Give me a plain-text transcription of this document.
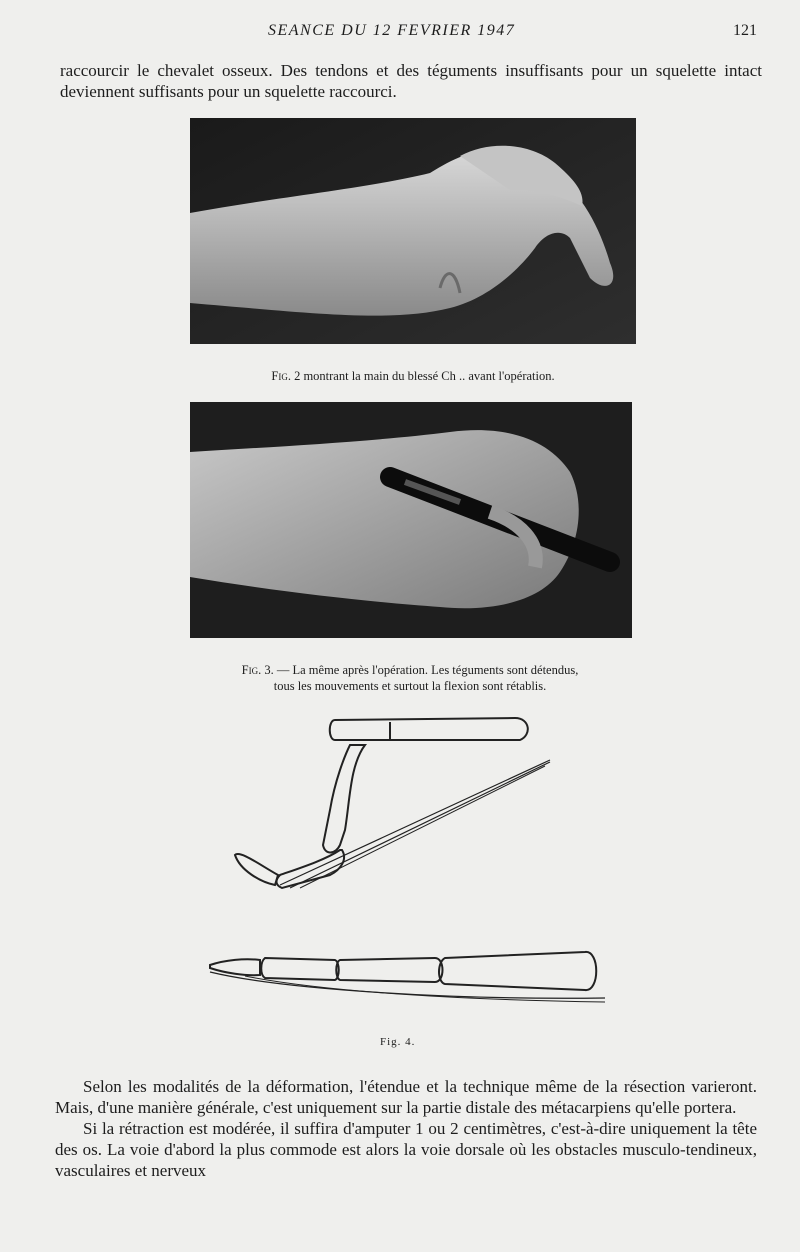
SEANCE DU 12 FEVRIER 1947	121

raccourcir le chevalet osseux. Des tendons et des téguments insuffisants pour un squelette intact deviennent suffisants pour un squelette raccourci.

Fig. 2 montrant la main du blessé Ch .. avant l'opération.
Fig. 3. — La même après l'opération. Les téguments sont détendus,
tous les mouvements et surtout la flexion sont rétablis.
Fig. 4.

Selon les modalités de la déformation, l'étendue et la technique même de la résection varieront. Mais, d'une manière générale, c'est uniquement sur la partie distale des métacarpiens qu'elle portera.

Si la rétraction est modérée, il suffira d'amputer 1 ou 2 centimètres, c'est-à-dire uniquement la tête des os. La voie d'abord la plus commode est alors la voie dorsale où les obstacles musculo-tendineux, vasculaires et nerveux
